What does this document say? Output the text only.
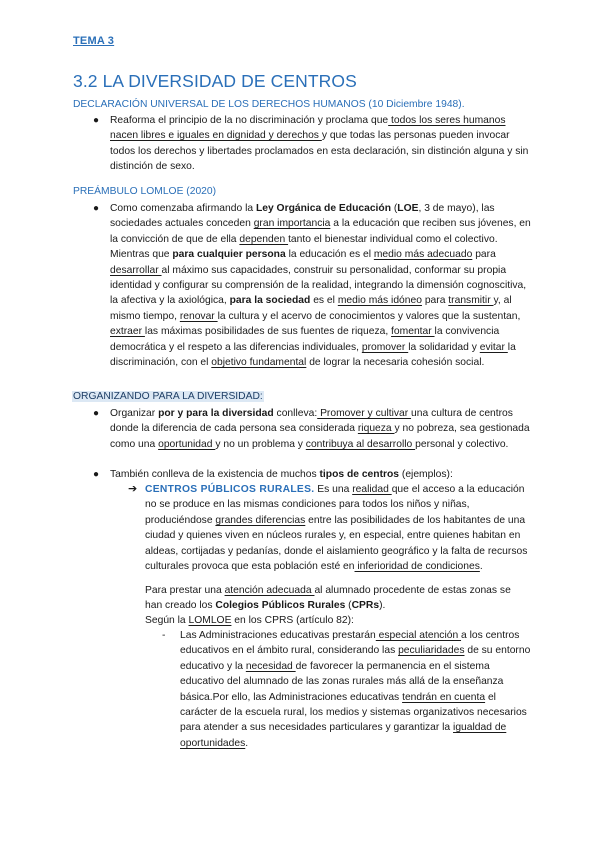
TEMA 3
3.2 LA DIVERSIDAD DE CENTROS
DECLARACIÓN UNIVERSAL DE LOS DERECHOS HUMANOS (10 Diciembre 1948).
● Reaforma el principio de la no discriminación y proclama que todos los seres humanos nacen libres e iguales en dignidad y derechos y que todas las personas pueden invocar todos los derechos y libertades proclamados en esta declaración, sin distinción alguna y sin distinción de sexo.
PREÁMBULO LOMLOE (2020)
● Como comenzaba afirmando la Ley Orgánica de Educación (LOE, 3 de mayo), las sociedades actuales conceden gran importancia a la educación que reciben sus jóvenes, en la convicción de que de ella dependen tanto el bienestar individual como el colectivo. Mientras que para cualquier persona la educación es el medio más adecuado para desarrollar al máximo sus capacidades, construir su personalidad, conformar su propia identidad y configurar su comprensión de la realidad, integrando la dimensión cognoscitiva, la afectiva y la axiológica, para la sociedad es el medio más idóneo para transmitir y, al mismo tiempo, renovar la cultura y el acervo de conocimientos y valores que la sustentan, extraer las máximas posibilidades de sus fuentes de riqueza, fomentar la convivencia democrática y el respeto a las diferencias individuales, promover la solidaridad y evitar la discriminación, con el objetivo fundamental de lograr la necesaria cohesión social.
ORGANIZANDO PARA LA DIVERSIDAD:
● Organizar por y para la diversidad conlleva: Promover y cultivar una cultura de centros donde la diferencia de cada persona sea considerada riqueza y no pobreza, sea gestionada como una oportunidad y no un problema y contribuya al desarrollo personal y colectivo.
● También conlleva de la existencia de muchos tipos de centros (ejemplos):
➔ CENTROS PÚBLICOS RURALES. Es una realidad que el acceso a la educación no se produce en las mismas condiciones para todos los niños y niñas, produciéndose grandes diferencias entre las posibilidades de los habitantes de una ciudad y quienes viven en núcleos rurales y, en especial, entre quienes habitan en aldeas, cortijadas y pedanías, donde el aislamiento geográfico y la falta de recursos culturales provoca que esta población esté en inferioridad de condiciones.
Para prestar una atención adecuada al alumnado procedente de estas zonas se han creado los Colegios Públicos Rurales (CPRs).
Según la LOMLOE en los CPRS (artículo 82):
- Las Administraciones educativas prestarán especial atención a los centros educativos en el ámbito rural, considerando las peculiaridades de su entorno educativo y la necesidad de favorecer la permanencia en el sistema educativo del alumnado de las zonas rurales más allá de la enseñanza básica.Por ello, las Administraciones educativas tendrán en cuenta el carácter de la escuela rural, los medios y sistemas organizativos necesarios para atender a sus necesidades particulares y garantizar la igualdad de oportunidades.
